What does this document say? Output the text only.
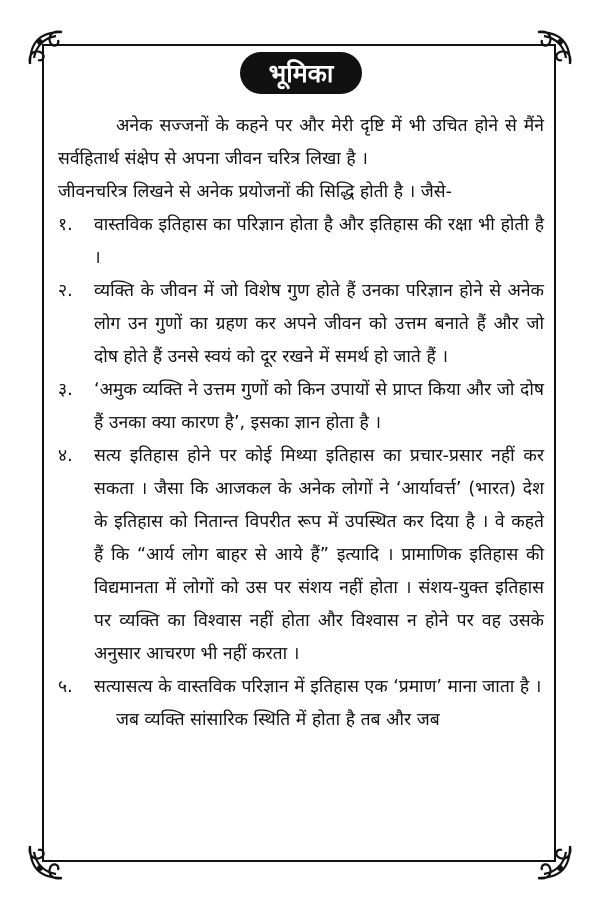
भूमिका

अनेक सज्जनों के कहने पर और मेरी दृष्टि में भी उचित होने से मैंने सर्वहितार्थ संक्षेप से अपना जीवन चरित्र लिखा है ।

जीवनचरित्र लिखने से अनेक प्रयोजनों की सिद्धि होती है । जैसे-

१.	वास्तविक इतिहास का परिज्ञान होता है और इतिहास की रक्षा भी होती है ।
२.	व्यक्ति के जीवन में जो विशेष गुण होते हैं उनका परिज्ञान होने से अनेक लोग उन गुणों का ग्रहण कर अपने जीवन को उत्तम बनाते हैं और जो दोष होते हैं उनसे स्वयं को दूर रखने में समर्थ हो जाते हैं ।
३.	‘अमुक व्यक्ति ने उत्तम गुणों को किन उपायों से प्राप्त किया और जो दोष हैं उनका क्या कारण है’, इसका ज्ञान होता है ।
४.	सत्य इतिहास होने पर कोई मिथ्या इतिहास का प्रचार-प्रसार नहीं कर सकता । जैसा कि आजकल के अनेक लोगों ने ‘आर्यावर्त्त’ (भारत) देश के इतिहास को नितान्त विपरीत रूप में उपस्थित कर दिया है । वे कहते हैं कि “आर्य लोग बाहर से आये हैं” इत्यादि । प्रामाणिक इतिहास की विद्यमानता में लोगों को उस पर संशय नहीं होता । संशय-युक्त इतिहास पर व्यक्ति का विश्वास नहीं होता और विश्वास न होने पर वह उसके अनुसार आचरण भी नहीं करता ।
५.	सत्यासत्य के वास्तविक परिज्ञान में इतिहास एक ‘प्रमाण’ माना जाता है ।

जब व्यक्ति सांसारिक स्थिति में होता है तब और जब
